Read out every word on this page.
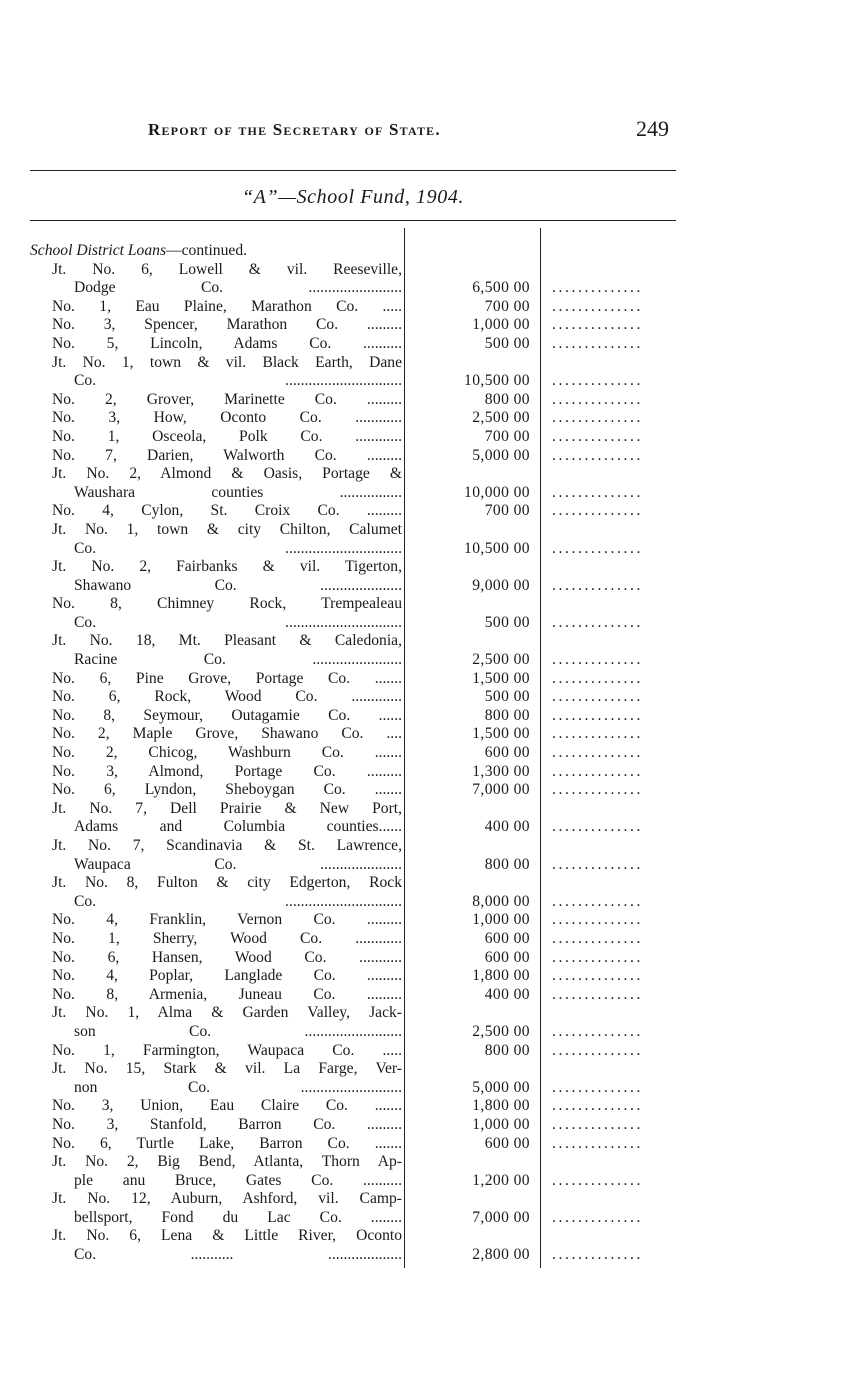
Report of the Secretary of State.	249
“A”—School Fund, 1904.
School District Loans—continued.
Jt. No. 6, Lowell & vil. Reeseville,
Dodge Co. ........................
No. 1, Eau Plaine, Marathon Co. .....
No. 3, Spencer, Marathon Co. .........
No. 5, Lincoln, Adams Co. ..........
Jt. No. 1, town & vil. Black Earth, Dane
Co. ..............................
No. 2, Grover, Marinette Co. .........
No. 3, How, Oconto Co. ............
No. 1, Osceola, Polk Co. ............
No. 7, Darien, Walworth Co. .........
Jt. No. 2, Almond & Oasis, Portage &
Waushara counties ................
No. 4, Cylon, St. Croix Co. .........
Jt. No. 1, town & city Chilton, Calumet
Co. ..............................
Jt. No. 2, Fairbanks & vil. Tigerton,
Shawano Co. .....................
No. 8, Chimney Rock, Trempealeau
Co. ..............................
Jt. No. 18, Mt. Pleasant & Caledonia,
Racine Co. .......................
No. 6, Pine Grove, Portage Co. .......
No. 6, Rock, Wood Co. .............
No. 8, Seymour, Outagamie Co. ......
No. 2, Maple Grove, Shawano Co. ....
No. 2, Chicog, Washburn Co. .......
No. 3, Almond, Portage Co. .........
No. 6, Lyndon, Sheboygan Co. .......
Jt. No. 7, Dell Prairie & New Port,
Adams and Columbia counties......
Jt. No. 7, Scandinavia & St. Lawrence,
Waupaca Co. .....................
Jt. No. 8, Fulton & city Edgerton, Rock
Co. ..............................
No. 4, Franklin, Vernon Co. .........
No. 1, Sherry, Wood Co. ............
No. 6, Hansen, Wood Co. ...........
No. 4, Poplar, Langlade Co. .........
No. 8, Armenia, Juneau Co. .........
Jt. No. 1, Alma & Garden Valley, Jack-
son Co. .........................
No. 1, Farmington, Waupaca Co. .....
Jt. No. 15, Stark & vil. La Farge, Ver-
non Co. ..........................
No. 3, Union, Eau Claire Co. .......
No. 3, Stanfold, Barron Co. .........
No. 6, Turtle Lake, Barron Co. .......
Jt. No. 2, Big Bend, Atlanta, Thorn Ap-
ple anu Bruce, Gates Co. ..........
Jt. No. 12, Auburn, Ashford, vil. Camp-
bellsport, Fond du Lac Co. ........
Jt. No. 6, Lena & Little River, Oconto
Co. ........... ...................
6,500 00
700 00
1,000 00
500 00
10,500 00
800 00
2,500 00
700 00
5,000 00
10,000 00
700 00
10,500 00
9,000 00
500 00
2,500 00
1,500 00
500 00
800 00
1,500 00
600 00
1,300 00
7,000 00
400 00
800 00
8,000 00
1,000 00
600 00
600 00
1,800 00
400 00
2,500 00
800 00
5,000 00
1,800 00
1,000 00
600 00
1,200 00
7,000 00
2,800 00
..............
..............
..............
..............
..............
..............
..............
..............
..............
..............
..............
..............
..............
..............
..............
..............
..............
..............
..............
..............
..............
..............
..............
..............
..............
..............
..............
..............
..............
..............
..............
..............
..............
..............
..............
..............
..............
..............
..............
